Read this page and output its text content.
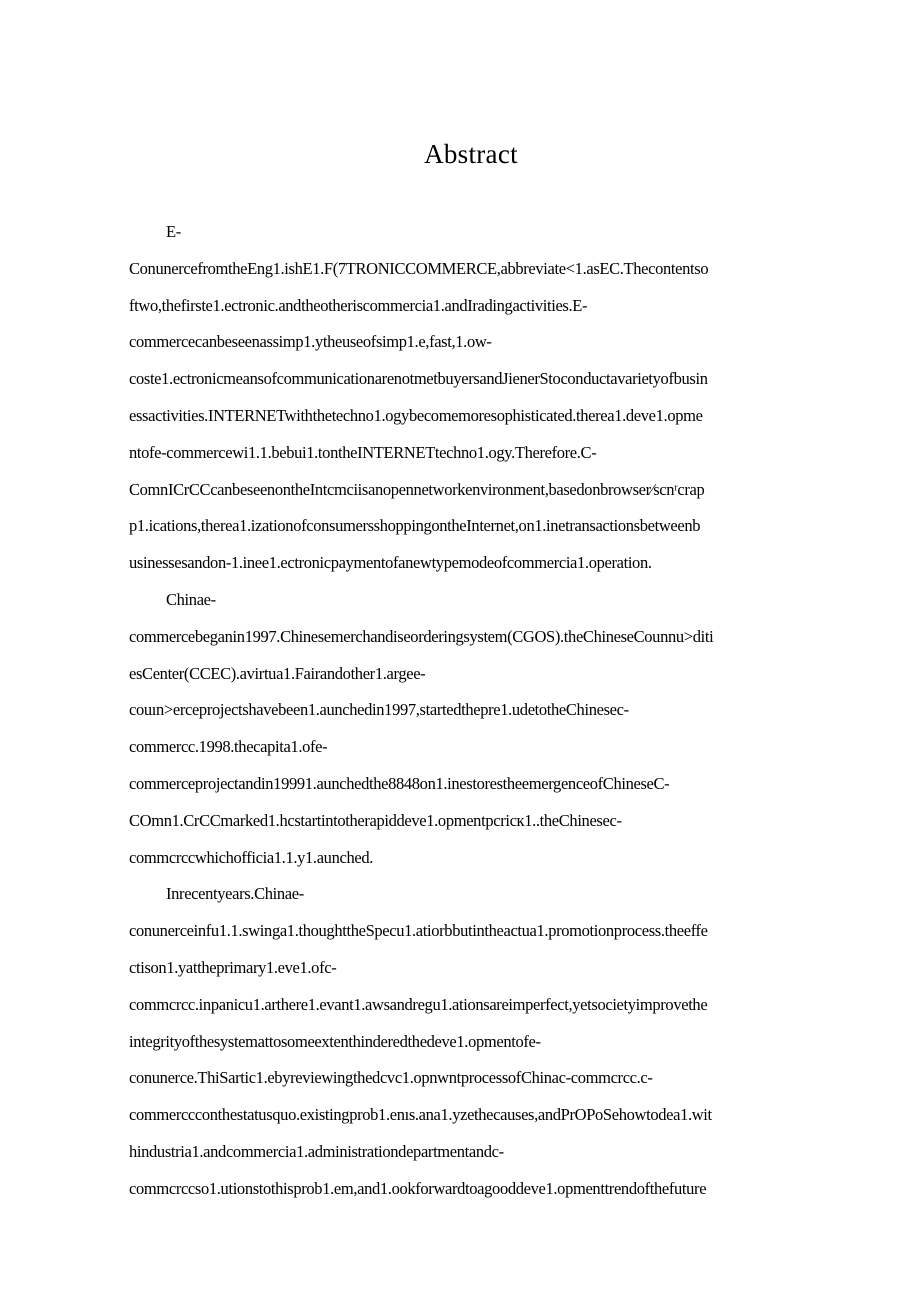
Abstract
E-
ConunercefromtheEng1.ishE1.F(7TRONICCOMMERCE,abbreviate<1.asEC.Thecontentso
ftwo,thefirste1.ectronic.andtheotheriscommercia1.andIradingactivities.E-
commercecanbeseenassimp1.ytheuseofsimp1.e,fast,1.ow-
coste1.ectronicmeansofcommunicationarenotmetbuyersandJienerStoconductavarietyofbusin
essactivities.INTERNETwiththetechno1.ogybecomemoresophisticated.therea1.deve1.opme
ntofe-commercewi1.1.bebui1.tontheINTERNETtechno1.ogy.Therefore.C-
ComnICrCCcanbeseenontheIntcmciisanopennetworkenvironment,basedonbrowser⁄scnʳcrap
p1.ications,therea1.izationofconsumersshoppingontheInternet,on1.inetransactionsbetweenb
usinessesandon-1.inee1.ectronicpaymentofanewtypemodeofcommercia1.operation.
Chinae-
commercebeganin1997.Chinesemerchandiseorderingsystem(CGOS).theChineseCounnu>diti
esCenter(CCEC).avirtua1.Fairandother1.argee-
couın>erceprojectshavebeen1.aunchedin1997,startedthepre1.udetotheChinesec-
commercc.1998.thecapita1.ofe-
commerceprojectandin19991.aunchedthe8848on1.inestorestheemergenceofChineseC-
COmn1.CrCCmarked1.hcstartintotherapiddeve1.opmentpcricк1..theChinesec-
commcrccwhichofficia1.1.y1.aunched.
Inrecentyears.Chinae-
conunerceinfu1.1.swinga1.thoughttheSpecu1.atiorbbutintheactua1.promotionprocess.theeffe
ctison1.yattheprimary1.eve1.ofc-
commcrcc.inpanicu1.arthere1.evant1.awsandregu1.ationsareimperfect,yetsocietyimprovethe
integrityofthesystemattosomeextenthinderedthedeve1.opmentofe-
conunerce.ThiSartic1.ebyreviewingthedcvc1.opnwntprocessofChinac-commcrcc.c-
commerccconthestatusquo.existingprob1.enıs.ana1.yzethecauses,andPrOPoSehowtodea1.wit
hindustria1.andcommercia1.administrationdepartmentandc-
commcrccso1.utionstothisprob1.em,and1.ookforwardtoagooddeve1.opmenttrendofthefuture
